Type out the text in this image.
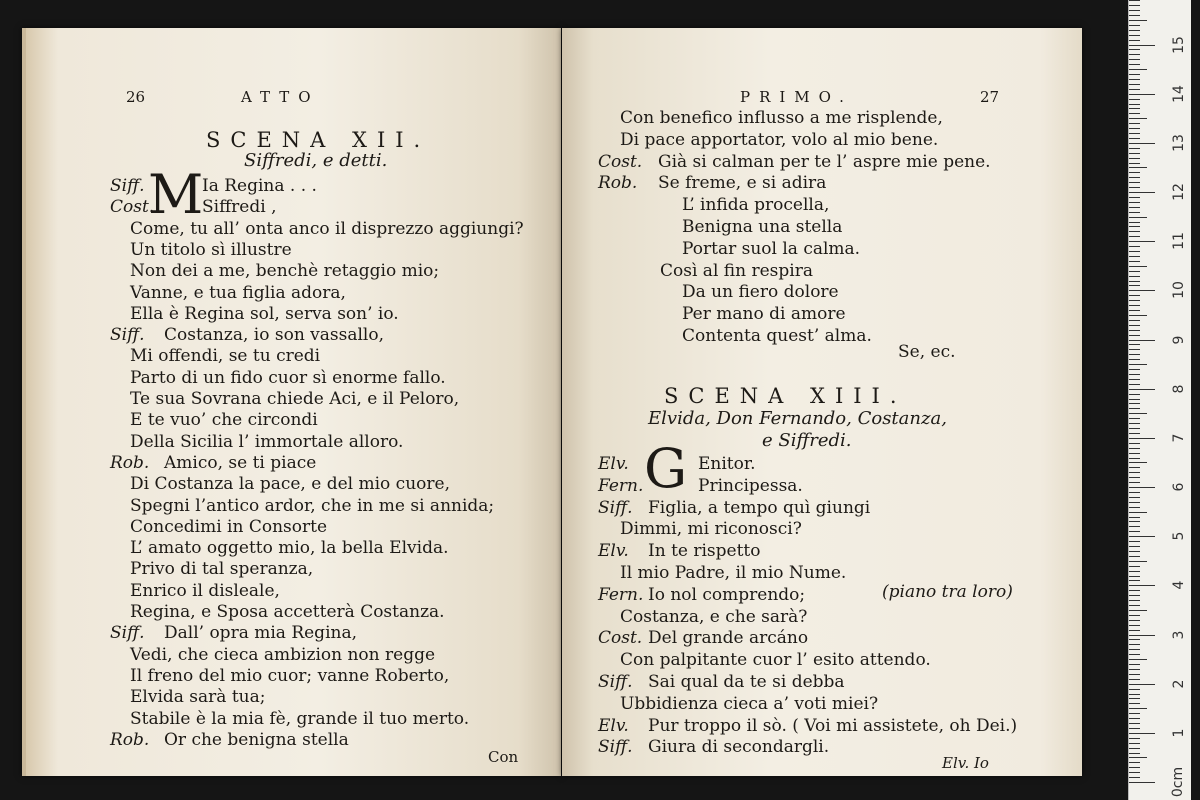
26	ATTO
SCENA XII.
Siffredi, e detti.
M
Siff.	Ia Regina . . .
Cost.	Siffredi ,
Come, tu all’ onta anco il disprezzo aggiungi?
Un titolo sì illustre
Non dei a me, benchè retaggio mio;
Vanne, e tua figlia adora,
Ella è Regina sol, serva son’ io.
Siff. Costanza, io son vassallo,
Mi offendi, se tu credi
Parto di un fido cuor sì enorme fallo.
Te sua Sovrana chiede Aci, e il Peloro,
E te vuo’ che circondi
Della Sicilia l’ immortale alloro.
Rob. Amico, se ti piace
Di Costanza la pace, e del mio cuore,
Spegni l’antico ardor, che in me si annida;
Concedimi in Consorte
L’ amato oggetto mio, la bella Elvida.
Privo di tal speranza,
Enrico il disleale,
Regina, e Sposa accetterà Costanza.
Siff. Dall’ opra mia Regina,
Vedi, che cieca ambizion non regge
Il freno del mio cuor; vanne Roberto,
Elvida sarà tua;
Stabile è la mia fè, grande il tuo merto.
Rob. Or che benigna stella
Con
PRIMO.	27
Con benefico influsso a me risplende,
Di pace apportator, volo al mio bene.
Cost. Già si calman per te l’ aspre mie pene.
Rob. Se freme, e si adira
L’ infida procella,
Benigna una stella
Portar suol la calma.
Così al fin respira
Da un fiero dolore
Per mano di amore
Contenta quest’ alma.
Se, ec.
SCENA XIII.
Elvida, Don Fernando, Costanza,
e Siffredi.
G
Elv.	Enitor.
Fern.	Principessa.
Siff. Figlia, a tempo quì giungi
Dimmi, mi riconosci?
Elv. In te rispetto
Il mio Padre, il mio Nume.
Fern. Io nol comprendo;
Costanza, e che sarà?
Cost. Del grande arcáno
Con palpitante cuor l’ esito attendo.
Siff. Sai qual da te si debba
Ubbidienza cieca a’ voti miei?
Elv. Pur troppo il sò. ( Voi mi assistete, oh Dei.)
Siff. Giura di secondargli.
(piano tra loro)
Elv. Io
15
14
13
12
11
10
9
8
7
6
5
4
3
2
1
0cm
